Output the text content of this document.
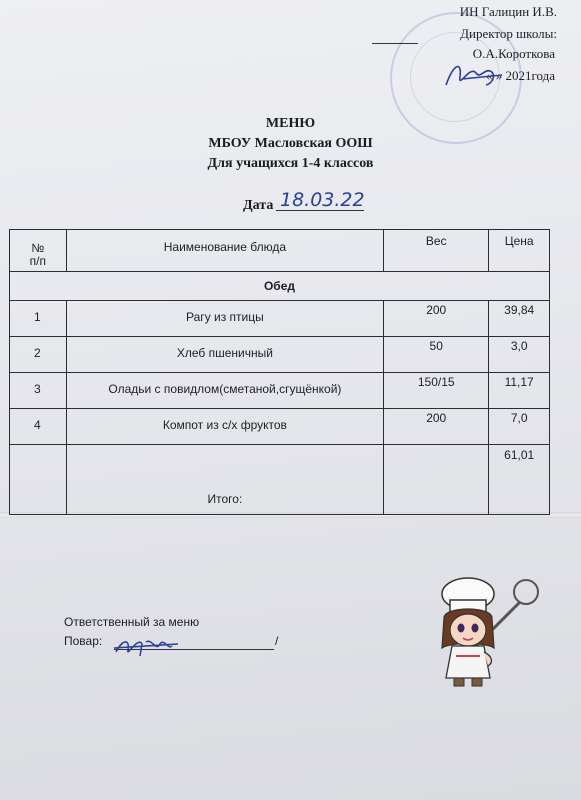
ИН Галицин И.В.
Директор школы:
О.А.Короткова
« » 2021года
МЕНЮ
МБОУ Масловская ООШ
Для учащихся 1-4 классов
Дата 18.03.22
№
п/п	Наименование блюда	Вес	Цена
Обед			
1	Рагу из птицы	200	39,84
2	Хлеб пшеничный	50	3,0
3	Оладьи с повидлом(сметаной,сгущёнкой)	150/15	11,17
4	Компот из с/х фруктов	200	7,0
	Итого:		61,01
Ответственный за меню
Повар:	/
